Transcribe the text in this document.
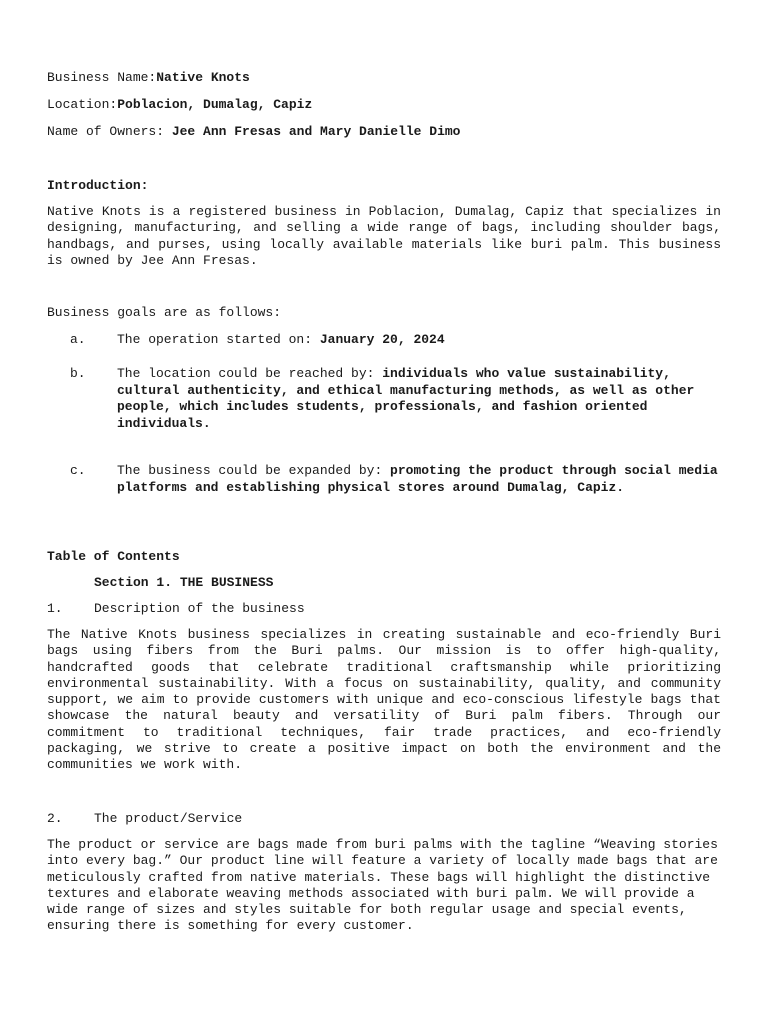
Business Name:Native Knots
Location:Poblacion, Dumalag, Capiz
Name of Owners: Jee Ann Fresas and Mary Danielle Dimo
Introduction:
Native Knots is a registered business in Poblacion, Dumalag, Capiz that specializes in designing, manufacturing, and selling a wide range of bags, including shoulder bags, handbags, and purses, using locally available materials like buri palm. This business is owned by Jee Ann Fresas.
Business goals are as follows:
a. The operation started on: January 20, 2024
b. The location could be reached by: individuals who value sustainability, cultural authenticity, and ethical manufacturing methods, as well as other people, which includes students, professionals, and fashion oriented individuals.
c. The business could be expanded by: promoting the product through social media platforms and establishing physical stores around Dumalag, Capiz.
Table of Contents
Section 1. THE BUSINESS
1. Description of the business
The Native Knots business specializes in creating sustainable and eco-friendly Buri bags using fibers from the Buri palms. Our mission is to offer high-quality, handcrafted goods that celebrate traditional craftsmanship while prioritizing environmental sustainability. With a focus on sustainability, quality, and community support, we aim to provide customers with unique and eco-conscious lifestyle bags that showcase the natural beauty and versatility of Buri palm fibers. Through our commitment to traditional techniques, fair trade practices, and eco-friendly packaging, we strive to create a positive impact on both the environment and the communities we work with.
2. The product/Service
The product or service are bags made from buri palms with the tagline “Weaving stories into every bag.” Our product line will feature a variety of locally made bags that are meticulously crafted from native materials. These bags will highlight the distinctive textures and elaborate weaving methods associated with buri palm. We will provide a wide range of sizes and styles suitable for both regular usage and special events, ensuring there is something for every customer.
